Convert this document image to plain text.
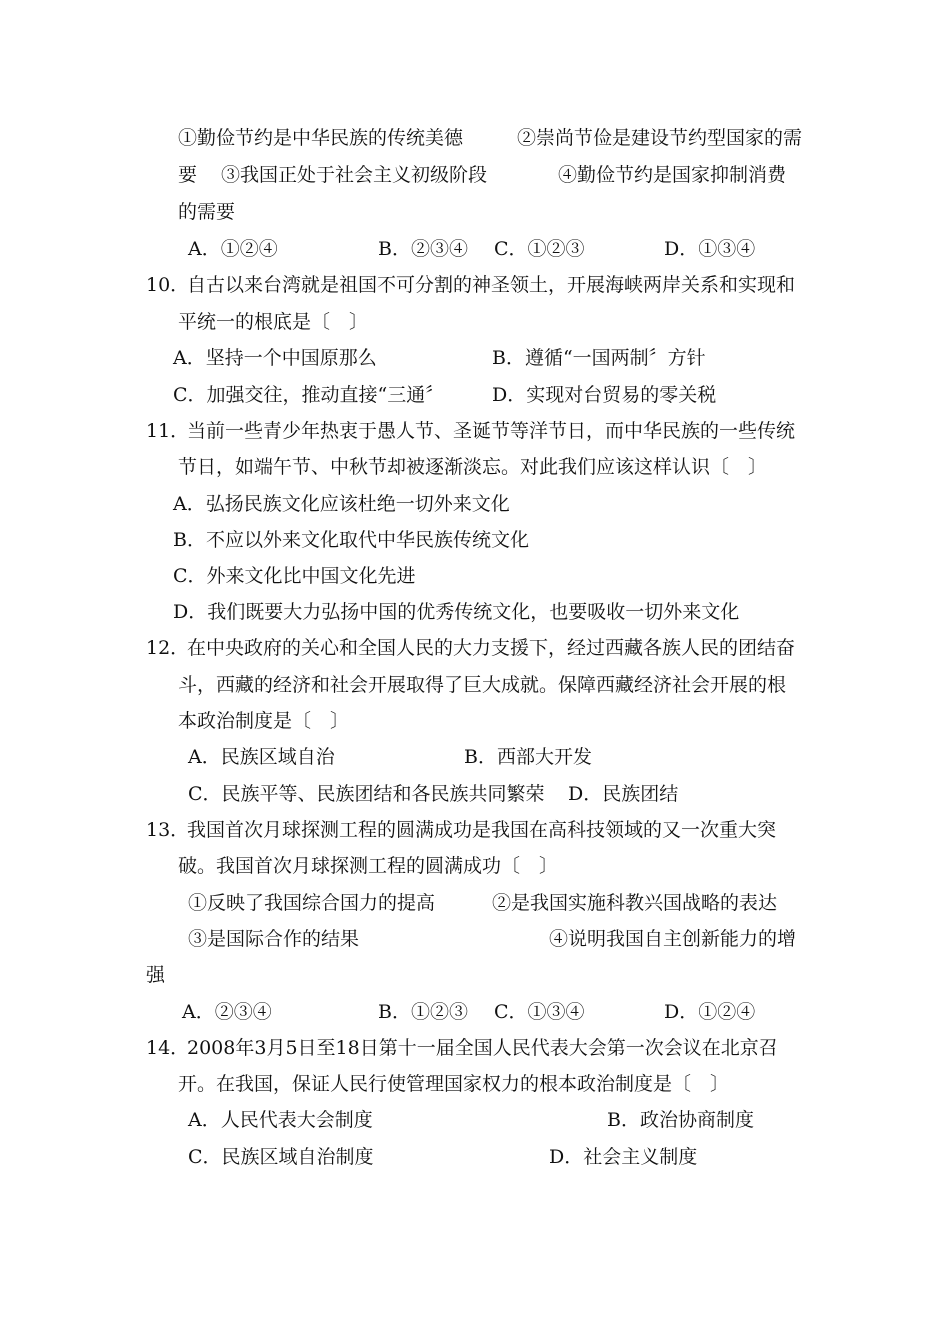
①勤俭节约是中华民族的传统美德	②崇尚节俭是建设节约型国家的需
要 ③我国正处于社会主义初级阶段	④勤俭节约是国家抑制消费
的需要
A．①②④	B．②③④ C．①②③	D．①③④
10．
自古以来台湾就是祖国不可分割的神圣领土，开展海峡两岸关系和实现和
平统一的根底是〔　〕
A．坚持一个中国原那么	B．遵循“一国两制〞方针
C．加强交往，推动直接“三通〞	D．实现对台贸易的零关税
11．
当前一些青少年热衷于愚人节、圣诞节等洋节日，而中华民族的一些传统
节日，如端午节、中秋节却被逐渐淡忘。对此我们应该这样认识〔　〕
A．弘扬民族文化应该杜绝一切外来文化
B．不应以外来文化取代中华民族传统文化
C．外来文化比中国文化先进
D．我们既要大力弘扬中国的优秀传统文化，也要吸收一切外来文化
12．
在中央政府的关心和全国人民的大力支援下，经过西藏各族人民的团结奋
斗，西藏的经济和社会开展取得了巨大成就。保障西藏经济社会开展的根
本政治制度是〔　〕
A．民族区域自治	B．西部大开发
C．民族平等、民族团结和各民族共同繁荣 D．民族团结
13．
我国首次月球探测工程的圆满成功是我国在高科技领域的又一次重大突
破。我国首次月球探测工程的圆满成功〔　〕
①反映了我国综合国力的提高	②是我国实施科教兴国战略的表达
③是国际合作的结果	④说明我国自主创新能力的增
强
A．②③④	B．①②③ C．①③④	D．①②④
14．
2008年3月5日至18日第十一届全国人民代表大会第一次会议在北京召
开。在我国，保证人民行使管理国家权力的根本政治制度是〔　〕
A．人民代表大会制度	B．政治协商制度
C．民族区域自治制度	D．社会主义制度
